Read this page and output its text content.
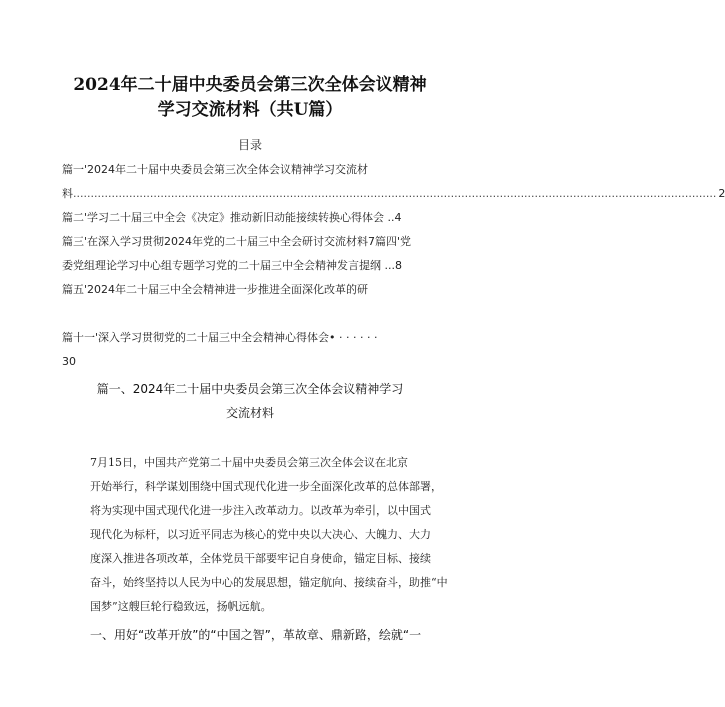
2024年二十届中央委员会第三次全体会议精神
学习交流材料（共U篇）
目录
篇一'2024年二十届中央委员会第三次全体会议精神学习交流材
料 ........................................................................................................................................................................................ 2
篇二'学习二十届三中全会《决定》推动新旧动能接续转换心得体会 ..4
篇三'在深入学习贯彻2024年党的二十届三中全会研讨交流材料7篇四'党
委党组理论学习中心组专题学习党的二十届三中全会精神发言提纲 ...8
篇五'2024年二十届三中全会精神进一步推进全面深化改革的研
篇十一'深入学习贯彻党的二十届三中全会精神心得体会• · · · · · ·
30
篇一、2024年二十届中央委员会第三次全体会议精神学习
交流材料
7月15日，中国共产党第二十届中央委员会第三次全体会议在北京
开始举行，科学谋划围绕中国式现代化进一步全面深化改革的总体部署，
将为实现中国式现代化进一步注入改革动力。以改革为牵引，以中国式
现代化为标杆，以习近平同志为核心的党中央以大决心、大魄力、大力
度深入推进各项改革，全体党员干部要牢记自身使命，锚定目标、接续
奋斗，始终坚持以人民为中心的发展思想，锚定航向、接续奋斗，助推“中
国梦”这艘巨轮行稳致远，扬帆远航。
一、用好“改革开放”的“中国之智”，革故章、鼎新路，绘就“一
